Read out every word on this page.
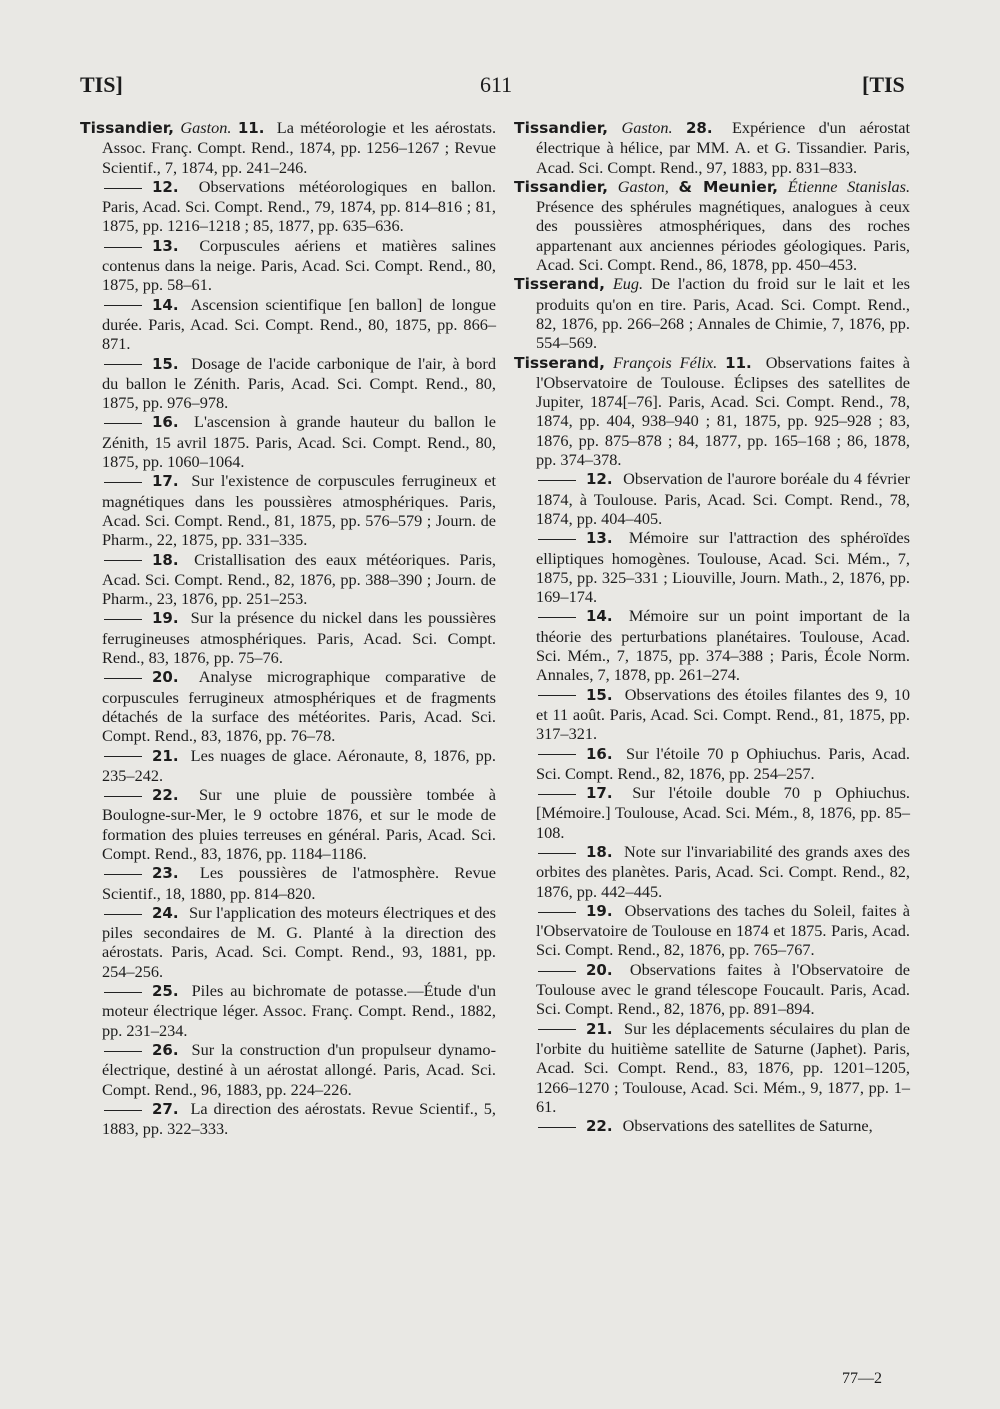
TIS]	611	[TIS

Tissandier, Gaston. 11. La météorologie et les aérostats. Assoc. Franç. Compt. Rend., 1874, pp. 1256–1267 ; Revue Scientif., 7, 1874, pp. 241–246.

12. Observations météorologiques en ballon. Paris, Acad. Sci. Compt. Rend., 79, 1874, pp. 814–816 ; 81, 1875, pp. 1216–1218 ; 85, 1877, pp. 635–636.

13. Corpuscules aériens et matières salines contenus dans la neige. Paris, Acad. Sci. Compt. Rend., 80, 1875, pp. 58–61.

14. Ascension scientifique [en ballon] de longue durée. Paris, Acad. Sci. Compt. Rend., 80, 1875, pp. 866–871.

15. Dosage de l'acide carbonique de l'air, à bord du ballon le Zénith. Paris, Acad. Sci. Compt. Rend., 80, 1875, pp. 976–978.

16. L'ascension à grande hauteur du ballon le Zénith, 15 avril 1875. Paris, Acad. Sci. Compt. Rend., 80, 1875, pp. 1060–1064.

17. Sur l'existence de corpuscules ferrugineux et magnétiques dans les poussières atmosphériques. Paris, Acad. Sci. Compt. Rend., 81, 1875, pp. 576–579 ; Journ. de Pharm., 22, 1875, pp. 331–335.

18. Cristallisation des eaux météoriques. Paris, Acad. Sci. Compt. Rend., 82, 1876, pp. 388–390 ; Journ. de Pharm., 23, 1876, pp. 251–253.

19. Sur la présence du nickel dans les poussières ferrugineuses atmosphériques. Paris, Acad. Sci. Compt. Rend., 83, 1876, pp. 75–76.

20. Analyse micrographique comparative de corpuscules ferrugineux atmosphériques et de fragments détachés de la surface des météorites. Paris, Acad. Sci. Compt. Rend., 83, 1876, pp. 76–78.

21. Les nuages de glace. Aéronaute, 8, 1876, pp. 235–242.

22. Sur une pluie de poussière tombée à Boulogne-sur-Mer, le 9 octobre 1876, et sur le mode de formation des pluies terreuses en général. Paris, Acad. Sci. Compt. Rend., 83, 1876, pp. 1184–1186.

23. Les poussières de l'atmosphère. Revue Scientif., 18, 1880, pp. 814–820.

24. Sur l'application des moteurs électriques et des piles secondaires de M. G. Planté à la direction des aérostats. Paris, Acad. Sci. Compt. Rend., 93, 1881, pp. 254–256.

25. Piles au bichromate de potasse.—Étude d'un moteur électrique léger. Assoc. Franç. Compt. Rend., 1882, pp. 231–234.

26. Sur la construction d'un propulseur dynamo-électrique, destiné à un aérostat allongé. Paris, Acad. Sci. Compt. Rend., 96, 1883, pp. 224–226.

27. La direction des aérostats. Revue Scientif., 5, 1883, pp. 322–333.

Tissandier, Gaston. 28. Expérience d'un aérostat électrique à hélice, par MM. A. et G. Tissandier. Paris, Acad. Sci. Compt. Rend., 97, 1883, pp. 831–833.

Tissandier, Gaston, & Meunier, Étienne Stanislas. Présence des sphérules magnétiques, analogues à ceux des poussières atmosphériques, dans des roches appartenant aux anciennes périodes géologiques. Paris, Acad. Sci. Compt. Rend., 86, 1878, pp. 450–453.

Tisserand, Eug. De l'action du froid sur le lait et les produits qu'on en tire. Paris, Acad. Sci. Compt. Rend., 82, 1876, pp. 266–268 ; Annales de Chimie, 7, 1876, pp. 554–569.

Tisserand, François Félix. 11. Observations faites à l'Observatoire de Toulouse. Éclipses des satellites de Jupiter, 1874[–76]. Paris, Acad. Sci. Compt. Rend., 78, 1874, pp. 404, 938–940 ; 81, 1875, pp. 925–928 ; 83, 1876, pp. 875–878 ; 84, 1877, pp. 165–168 ; 86, 1878, pp. 374–378.

12. Observation de l'aurore boréale du 4 février 1874, à Toulouse. Paris, Acad. Sci. Compt. Rend., 78, 1874, pp. 404–405.

13. Mémoire sur l'attraction des sphéroïdes elliptiques homogènes. Toulouse, Acad. Sci. Mém., 7, 1875, pp. 325–331 ; Liouville, Journ. Math., 2, 1876, pp. 169–174.

14. Mémoire sur un point important de la théorie des perturbations planétaires. Toulouse, Acad. Sci. Mém., 7, 1875, pp. 374–388 ; Paris, École Norm. Annales, 7, 1878, pp. 261–274.

15. Observations des étoiles filantes des 9, 10 et 11 août. Paris, Acad. Sci. Compt. Rend., 81, 1875, pp. 317–321.

16. Sur l'étoile 70 p Ophiuchus. Paris, Acad. Sci. Compt. Rend., 82, 1876, pp. 254–257.

17. Sur l'étoile double 70 p Ophiuchus. [Mémoire.] Toulouse, Acad. Sci. Mém., 8, 1876, pp. 85–108.

18. Note sur l'invariabilité des grands axes des orbites des planètes. Paris, Acad. Sci. Compt. Rend., 82, 1876, pp. 442–445.

19. Observations des taches du Soleil, faites à l'Observatoire de Toulouse en 1874 et 1875. Paris, Acad. Sci. Compt. Rend., 82, 1876, pp. 765–767.

20. Observations faites à l'Observatoire de Toulouse avec le grand télescope Foucault. Paris, Acad. Sci. Compt. Rend., 82, 1876, pp. 891–894.

21. Sur les déplacements séculaires du plan de l'orbite du huitième satellite de Saturne (Japhet). Paris, Acad. Sci. Compt. Rend., 83, 1876, pp. 1201–1205, 1266–1270 ; Toulouse, Acad. Sci. Mém., 9, 1877, pp. 1–61.

22. Observations des satellites de Saturne,

77—2
